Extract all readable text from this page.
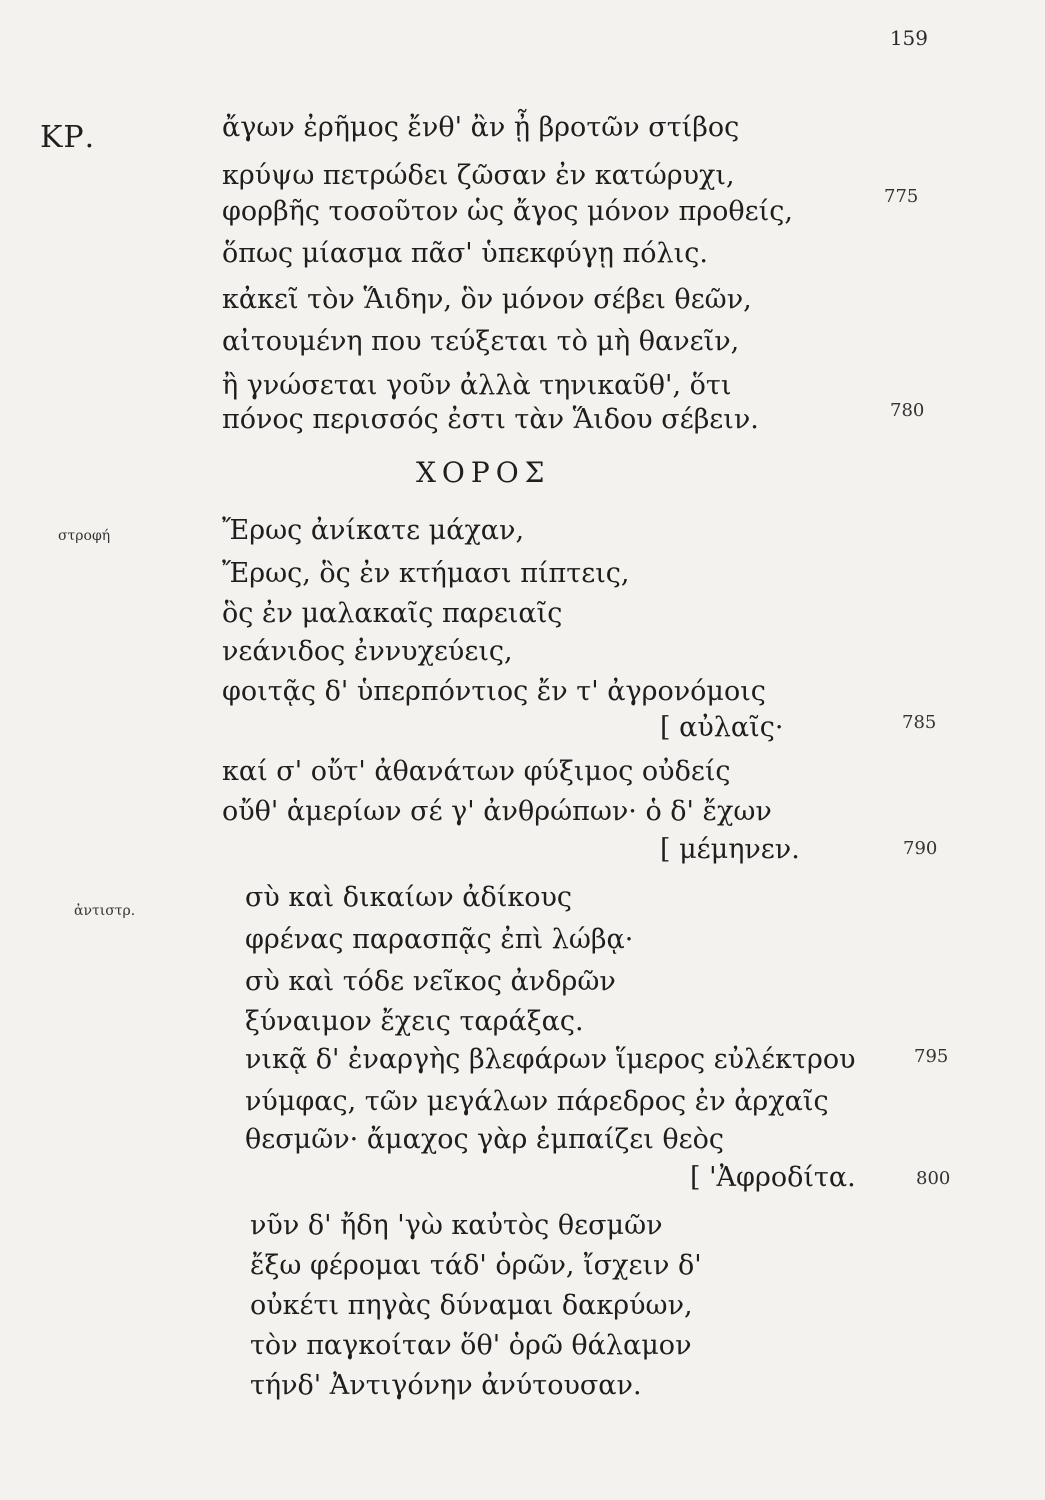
159
ΚΡ.
στροφή
ἀντιστρ.
ΧΟΡΟΣ
ἄγων ἐρῆμος ἔνθ' ἂν ᾖ βροτῶν στίβος
κρύψω πετρώδει ζῶσαν ἐν κατώρυχι,
φορβῆς τοσοῦτον ὡς ἄγος μόνον προθείς,
ὅπως μίασμα πᾶσ' ὑπεκφύγῃ πόλις.
κἀκεῖ τὸν Ἅιδην, ὃν μόνον σέβει θεῶν,
αἰτουμένη που τεύξεται τὸ μὴ θανεῖν,
ἢ γνώσεται γοῦν ἀλλὰ τηνικαῦθ', ὅτι
πόνος περισσός ἐστι τὰν Ἅιδου σέβειν.
Ἔρως ἀνίκατε μάχαν,
Ἔρως, ὃς ἐν κτήμασι πίπτεις,
ὃς ἐν μαλακαῖς παρειαῖς
νεάνιδος ἐννυχεύεις,
φοιτᾷς δ' ὑπερπόντιος ἔν τ' ἀγρονόμοις
[ αὐλαῖς·
καί σ' οὔτ' ἀθανάτων φύξιμος οὐδείς
οὔθ' ἁμερίων σέ γ' ἀνθρώπων· ὁ δ' ἔχων
[ μέμηνεν.
σὺ καὶ δικαίων ἀδίκους
φρένας παρασπᾷς ἐπὶ λώβᾳ·
σὺ καὶ τόδε νεῖκος ἀνδρῶν
ξύναιμον ἔχεις ταράξας.
νικᾷ δ' ἐναργὴς βλεφάρων ἵμερος εὐλέκτρου
νύμφας, τῶν μεγάλων πάρεδρος ἐν ἀρχαῖς
θεσμῶν· ἄμαχος γὰρ ἐμπαίζει θεὸς
[ 'Ἀφροδίτα.
νῦν δ' ἤδη 'γὼ καὐτὸς θεσμῶν
ἔξω φέρομαι τάδ' ὁρῶν, ἴσχειν δ'
οὐκέτι πηγὰς δύναμαι δακρύων,
τὸν παγκοίταν ὅθ' ὁρῶ θάλαμον
τήνδ' Ἀντιγόνην ἀνύτουσαν.
775
780
785
790
795
800
